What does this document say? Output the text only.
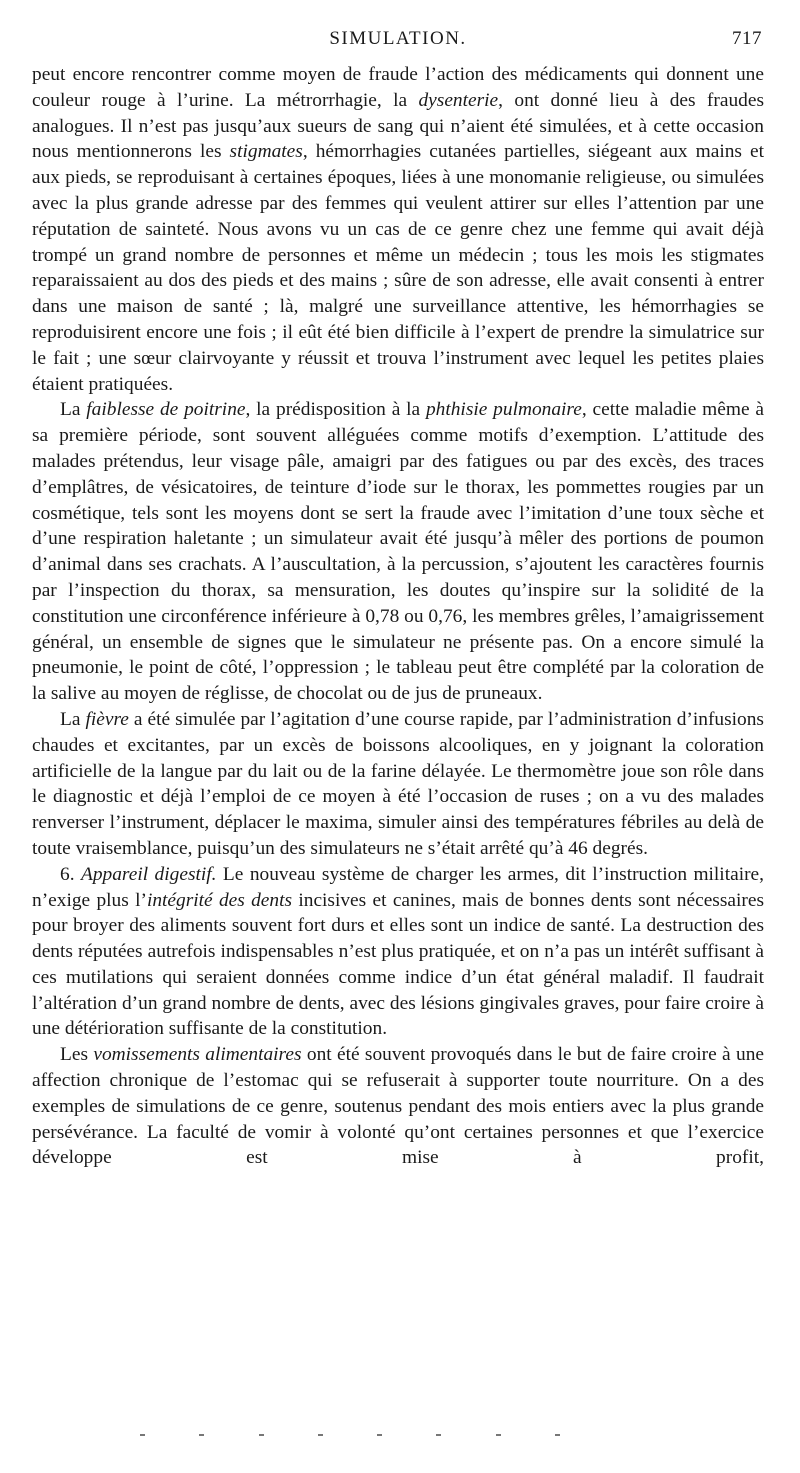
SIMULATION.	717

peut encore rencontrer comme moyen de fraude l’action des médicaments qui donnent une couleur rouge à l’urine. La métrorrhagie, la dysenterie, ont donné lieu à des fraudes analogues. Il n’est pas jusqu’aux sueurs de sang qui n’aient été simulées, et à cette occasion nous mentionnerons les stigmates, hémorrhagies cutanées partielles, siégeant aux mains et aux pieds, se reproduisant à certaines époques, liées à une monomanie religieuse, ou simulées avec la plus grande adresse par des femmes qui veulent attirer sur elles l’attention par une réputation de sainteté. Nous avons vu un cas de ce genre chez une femme qui avait déjà trompé un grand nombre de personnes et même un médecin ; tous les mois les stigmates reparaissaient au dos des pieds et des mains ; sûre de son adresse, elle avait consenti à entrer dans une maison de santé ; là, malgré une surveillance attentive, les hémorrhagies se reproduisirent encore une fois ; il eût été bien difficile à l’expert de prendre la simulatrice sur le fait ; une sœur clairvoyante y réussit et trouva l’instrument avec lequel les petites plaies étaient pratiquées.

La faiblesse de poitrine, la prédisposition à la phthisie pulmonaire, cette maladie même à sa première période, sont souvent alléguées comme motifs d’exemption. L’attitude des malades prétendus, leur visage pâle, amaigri par des fatigues ou par des excès, des traces d’emplâtres, de vésicatoires, de teinture d’iode sur le thorax, les pommettes rougies par un cosmétique, tels sont les moyens dont se sert la fraude avec l’imitation d’une toux sèche et d’une respiration haletante ; un simulateur avait été jusqu’à mêler des portions de poumon d’animal dans ses crachats. A l’auscultation, à la percussion, s’ajoutent les caractères fournis par l’inspection du thorax, sa mensuration, les doutes qu’inspire sur la solidité de la constitution une circonférence inférieure à 0,78 ou 0,76, les membres grêles, l’amaigrissement général, un ensemble de signes que le simulateur ne présente pas. On a encore simulé la pneumonie, le point de côté, l’oppression ; le tableau peut être complété par la coloration de la salive au moyen de réglisse, de chocolat ou de jus de pruneaux.

La fièvre a été simulée par l’agitation d’une course rapide, par l’administration d’infusions chaudes et excitantes, par un excès de boissons alcooliques, en y joignant la coloration artificielle de la langue par du lait ou de la farine délayée. Le thermomètre joue son rôle dans le diagnostic et déjà l’emploi de ce moyen à été l’occasion de ruses ; on a vu des malades renverser l’instrument, déplacer le maxima, simuler ainsi des températures fébriles au delà de toute vraisemblance, puisqu’un des simulateurs ne s’était arrêté qu’à 46 degrés.

6. Appareil digestif. Le nouveau système de charger les armes, dit l’instruction militaire, n’exige plus l’intégrité des dents incisives et canines, mais de bonnes dents sont nécessaires pour broyer des aliments souvent fort durs et elles sont un indice de santé. La destruction des dents réputées autrefois indispensables n’est plus pratiquée, et on n’a pas un intérêt suffisant à ces mutilations qui seraient données comme indice d’un état général maladif. Il faudrait l’altération d’un grand nombre de dents, avec des lésions gingivales graves, pour faire croire à une détérioration suffisante de la constitution.

Les vomissements alimentaires ont été souvent provoqués dans le but de faire croire à une affection chronique de l’estomac qui se refuserait à supporter toute nourriture. On a des exemples de simulations de ce genre, soutenus pendant des mois entiers avec la plus grande persévérance. La faculté de vomir à volonté qu’ont certaines personnes et que l’exercice développe est mise à profit,
